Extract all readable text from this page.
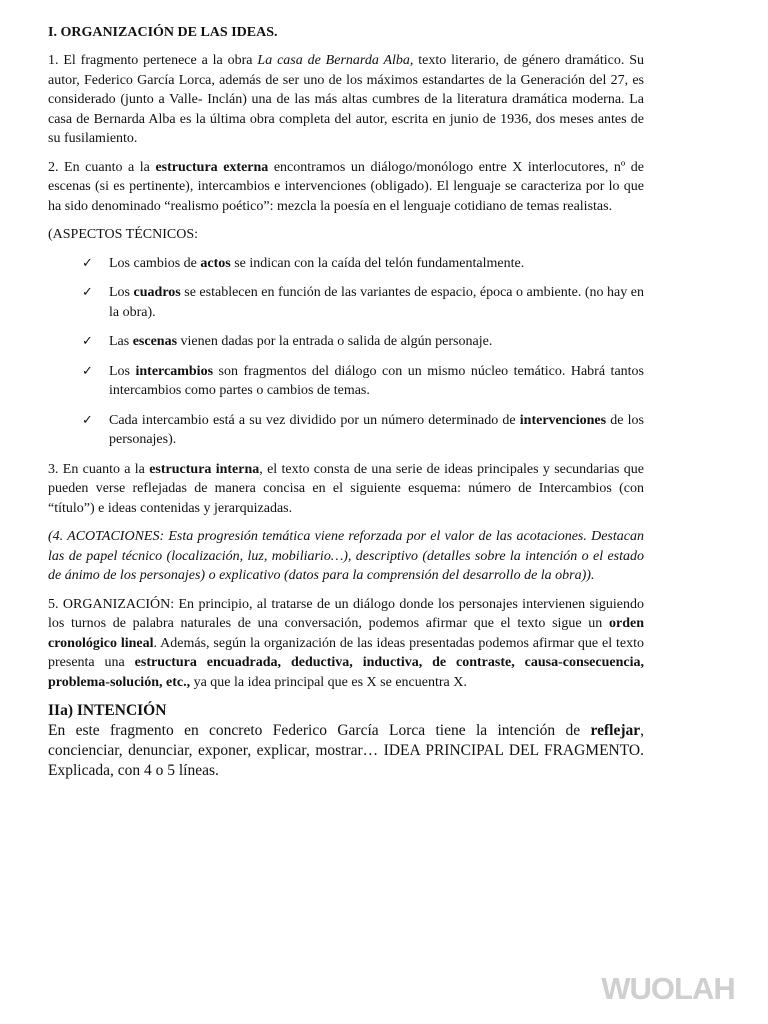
I. ORGANIZACIÓN DE LAS IDEAS.

1. El fragmento pertenece a la obra La casa de Bernarda Alba, texto literario, de género dramático. Su autor, Federico García Lorca, además de ser uno de los máximos estandartes de la Generación del 27, es considerado (junto a Valle- Inclán) una de las más altas cumbres de la literatura dramática moderna. La casa de Bernarda Alba es la última obra completa del autor, escrita en junio de 1936, dos meses antes de su fusilamiento.

2. En cuanto a la estructura externa encontramos un diálogo/monólogo entre X interlocutores, nº de escenas (si es pertinente), intercambios e intervenciones (obligado). El lenguaje se caracteriza por lo que ha sido denominado “realismo poético”: mezcla la poesía en el lenguaje cotidiano de temas realistas.

(ASPECTOS TÉCNICOS:

✓ Los cambios de actos se indican con la caída del telón fundamentalmente.
✓ Los cuadros se establecen en función de las variantes de espacio, época o ambiente. (no hay en la obra).
✓ Las escenas vienen dadas por la entrada o salida de algún personaje.
✓ Los intercambios son fragmentos del diálogo con un mismo núcleo temático. Habrá tantos intercambios como partes o cambios de temas.
✓ Cada intercambio está a su vez dividido por un número determinado de intervenciones de los personajes).

3. En cuanto a la estructura interna, el texto consta de una serie de ideas principales y secundarias que pueden verse reflejadas de manera concisa en el siguiente esquema: número de Intercambios (con “título”) e ideas contenidas y jerarquizadas.

(4. ACOTACIONES: Esta progresión temática viene reforzada por el valor de las acotaciones. Destacan las de papel técnico (localización, luz, mobiliario…), descriptivo (detalles sobre la intención o el estado de ánimo de los personajes) o explicativo (datos para la comprensión del desarrollo de la obra)).

5. ORGANIZACIÓN: En principio, al tratarse de un diálogo donde los personajes intervienen siguiendo los turnos de palabra naturales de una conversación, podemos afirmar que el texto sigue un orden cronológico lineal. Además, según la organización de las ideas presentadas podemos afirmar que el texto presenta una estructura encuadrada, deductiva, inductiva, de contraste, causa-consecuencia, problema-solución, etc., ya que la idea principal que es X se encuentra X.

IIa) INTENCIÓN

En este fragmento en concreto Federico García Lorca tiene la intención de reflejar, concienciar, denunciar, exponer, explicar, mostrar… IDEA PRINCIPAL DEL FRAGMENTO. Explicada, con 4 o 5 líneas.

WUOLAH
